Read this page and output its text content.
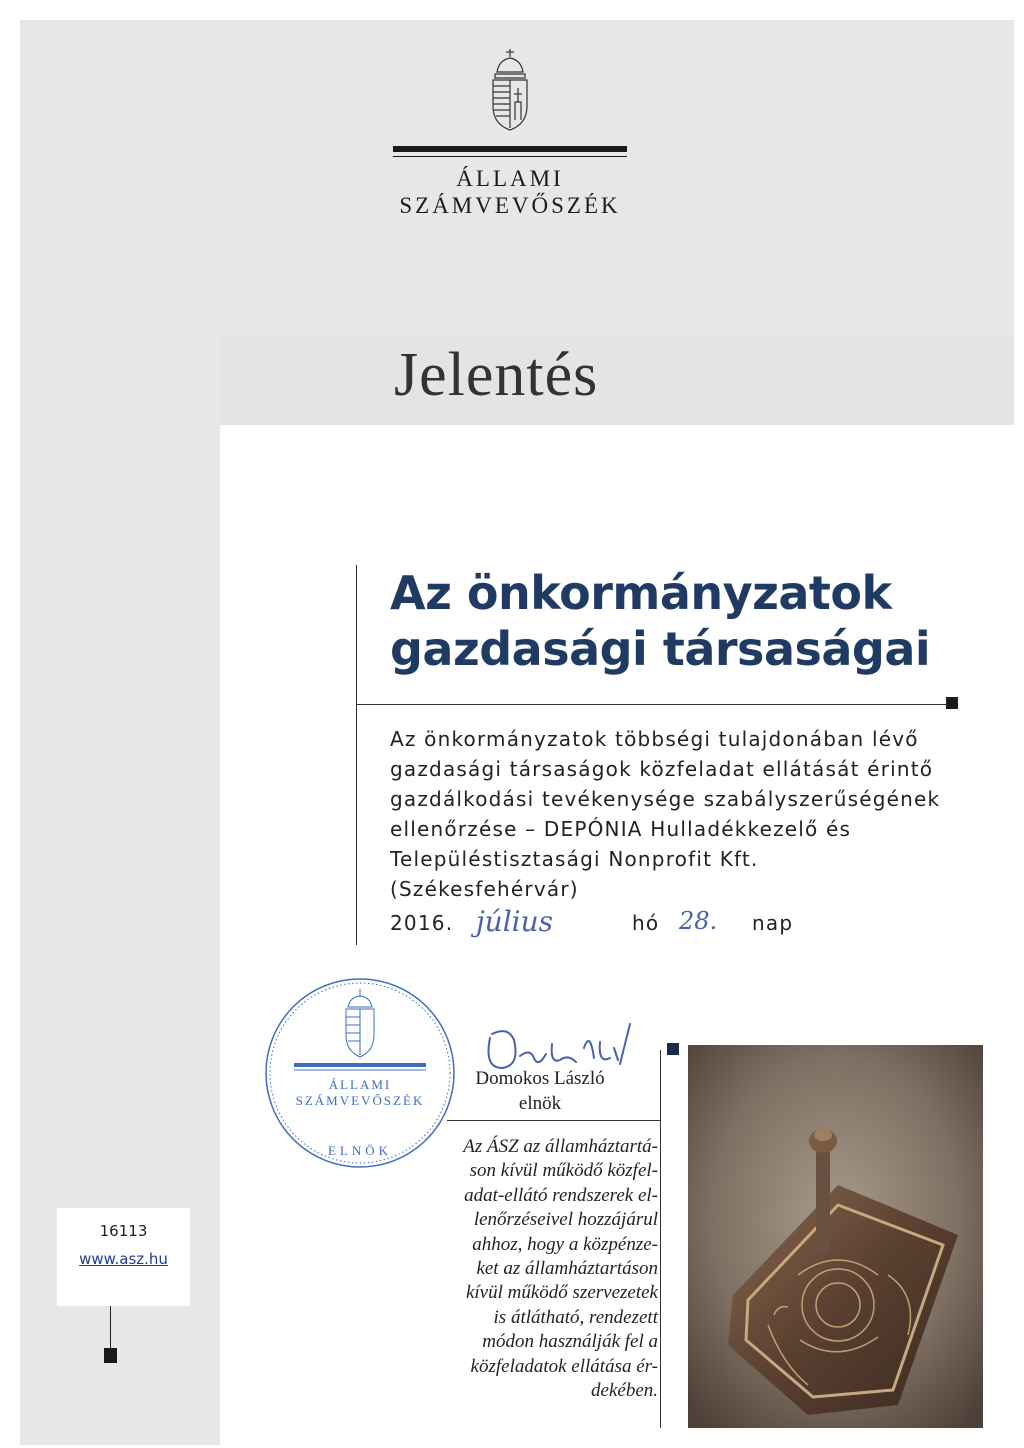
ÁLLAMI
SZÁMVEVŐSZÉK
Jelentés
Az önkormányzatok gazdasági társaságai
Az önkormányzatok többségi tulajdonában lévő
gazdasági társaságok közfeladat ellátását érintő
gazdálkodási tevékenysége szabályszerűségének
ellenőrzése – DEPÓNIA Hulladékkezelő és
Településtisztasági Nonprofit Kft.
(Székesfehérvár)
2016. július	hó 28. nap
ÁLLAMI
SZÁMVEVŐSZÉK
ELNÖK
Domokos László
elnök
Az ÁSZ az államháztartá-
son kívül működő közfel-
adat-ellátó rendszerek el-
lenőrzéseivel hozzájárul
ahhoz, hogy a közpénze-
ket az államháztartáson
kívül működő szervezetek
is átlátható, rendezett
módon használják fel a
közfeladatok ellátása ér-
dekében.
16113
www.asz.hu
